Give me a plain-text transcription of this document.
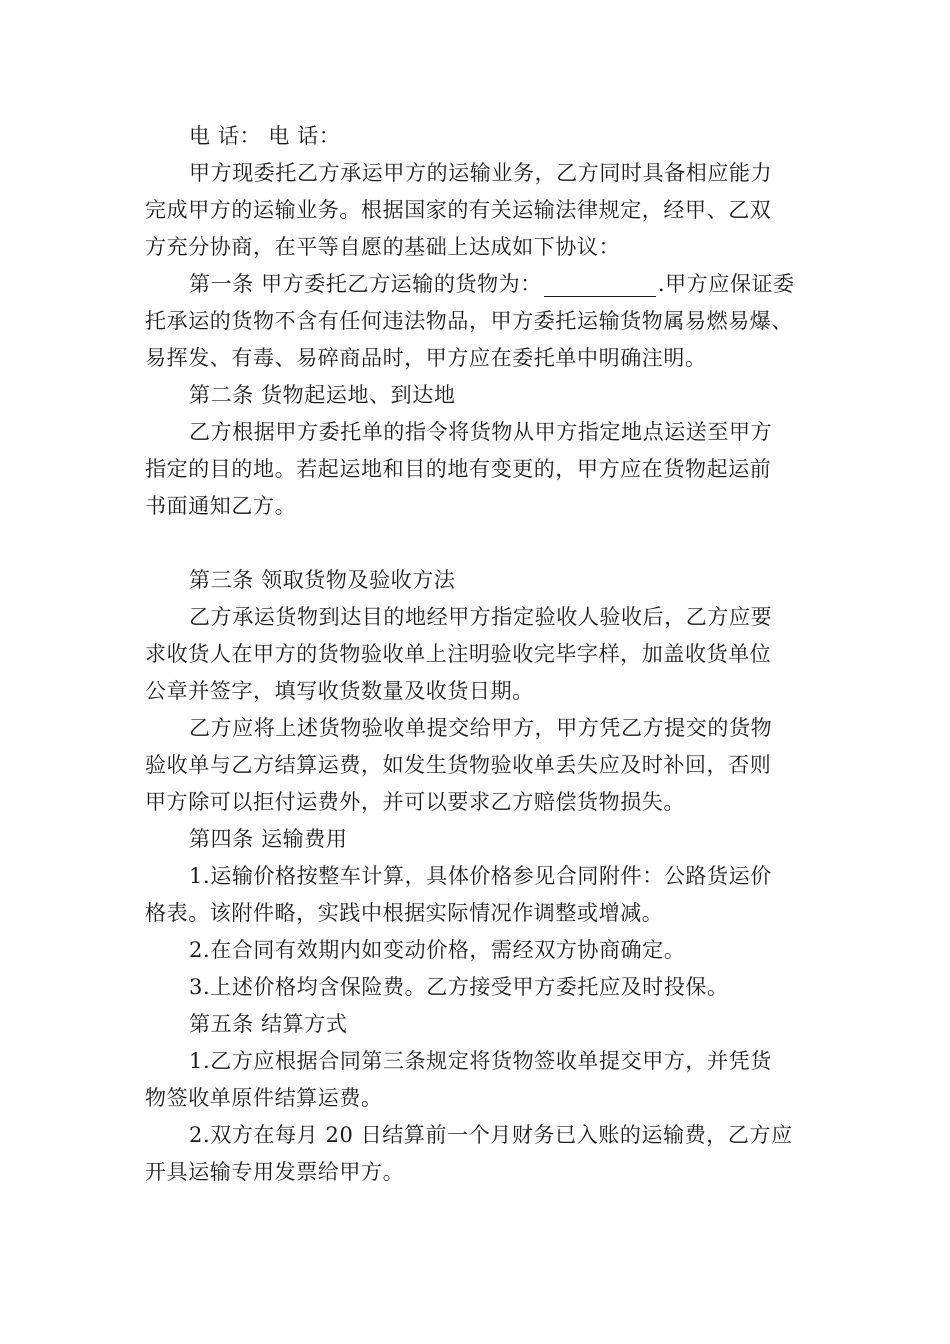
电 话： 电 话：
甲方现委托乙方承运甲方的运输业务，乙方同时具备相应能力
完成甲方的运输业务。根据国家的有关运输法律规定，经甲、乙双
方充分协商，在平等自愿的基础上达成如下协议：
第一条 甲方委托乙方运输的货物为：	.甲方应保证委
托承运的货物不含有任何违法物品，甲方委托运输货物属易燃易爆、
易挥发、有毒、易碎商品时，甲方应在委托单中明确注明。
第二条 货物起运地、到达地
乙方根据甲方委托单的指令将货物从甲方指定地点运送至甲方
指定的目的地。若起运地和目的地有变更的，甲方应在货物起运前
书面通知乙方。
第三条 领取货物及验收方法
乙方承运货物到达目的地经甲方指定验收人验收后，乙方应要
求收货人在甲方的货物验收单上注明验收完毕字样，加盖收货单位
公章并签字，填写收货数量及收货日期。
乙方应将上述货物验收单提交给甲方，甲方凭乙方提交的货物
验收单与乙方结算运费，如发生货物验收单丢失应及时补回，否则
甲方除可以拒付运费外，并可以要求乙方赔偿货物损失。
第四条 运输费用
1.运输价格按整车计算，具体价格参见合同附件：公路货运价
格表。该附件略，实践中根据实际情况作调整或增减。
2.在合同有效期内如变动价格，需经双方协商确定。
3.上述价格均含保险费。乙方接受甲方委托应及时投保。
第五条 结算方式
1.乙方应根据合同第三条规定将货物签收单提交甲方，并凭货
物签收单原件结算运费。
2.双方在每月 20 日结算前一个月财务已入账的运输费，乙方应
开具运输专用发票给甲方。
